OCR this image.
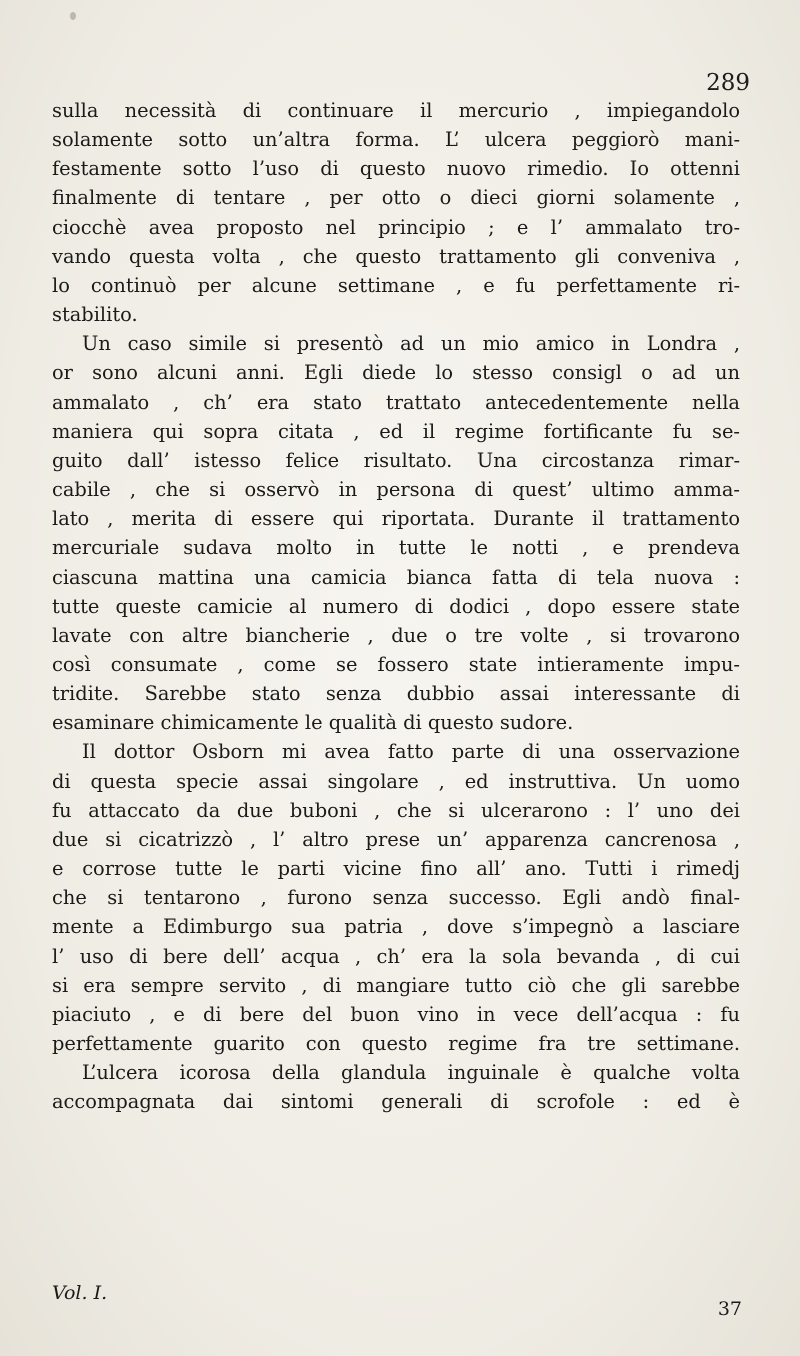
289
sulla necessità di continuare il mercurio , impiegandolo
solamente sotto un’altra forma. L’ ulcera peggiorò mani-
festamente sotto l’uso di questo nuovo rimedio. Io ottenni
finalmente di tentare , per otto o dieci giorni solamente ,
ciocchè avea proposto nel principio ; e l’ ammalato tro-
vando questa volta , che questo trattamento gli conveniva ,
lo continuò per alcune settimane , e fu perfettamente ri-
stabilito.
Un caso simile si presentò ad un mio amico in Londra ,
or sono alcuni anni. Egli diede lo stesso consigl o ad un
ammalato , ch’ era stato trattato antecedentemente nella
maniera qui sopra citata , ed il regime fortificante fu se-
guito dall’ istesso felice risultato. Una circostanza rimar-
cabile , che si osservò in persona di quest’ ultimo amma-
lato , merita di essere qui riportata. Durante il trattamento
mercuriale sudava molto in tutte le notti , e prendeva
ciascuna mattina una camicia bianca fatta di tela nuova :
tutte queste camicie al numero di dodici , dopo essere state
lavate con altre biancherie , due o tre volte , si trovarono
così consumate , come se fossero state intieramente impu-
tridite. Sarebbe stato senza dubbio assai interessante di
esaminare chimicamente le qualità di questo sudore.
Il dottor Osborn mi avea fatto parte di una osservazione
di questa specie assai singolare , ed instruttiva. Un uomo
fu attaccato da due buboni , che si ulcerarono : l’ uno dei
due si cicatrizzò , l’ altro prese un’ apparenza cancrenosa ,
e corrose tutte le parti vicine fino all’ ano. Tutti i rimedj
che si tentarono , furono senza successo. Egli andò final-
mente a Edimburgo sua patria , dove s’impegnò a lasciare
l’ uso di bere dell’ acqua , ch’ era la sola bevanda , di cui
si era sempre servito , di mangiare tutto ciò che gli sarebbe
piaciuto , e di bere del buon vino in vece dell’acqua : fu
perfettamente guarito con questo regime fra tre settimane.
L’ulcera icorosa della glandula inguinale è qualche volta
accompagnata dai sintomi generali di scrofole : ed è
Vol. I.
37
